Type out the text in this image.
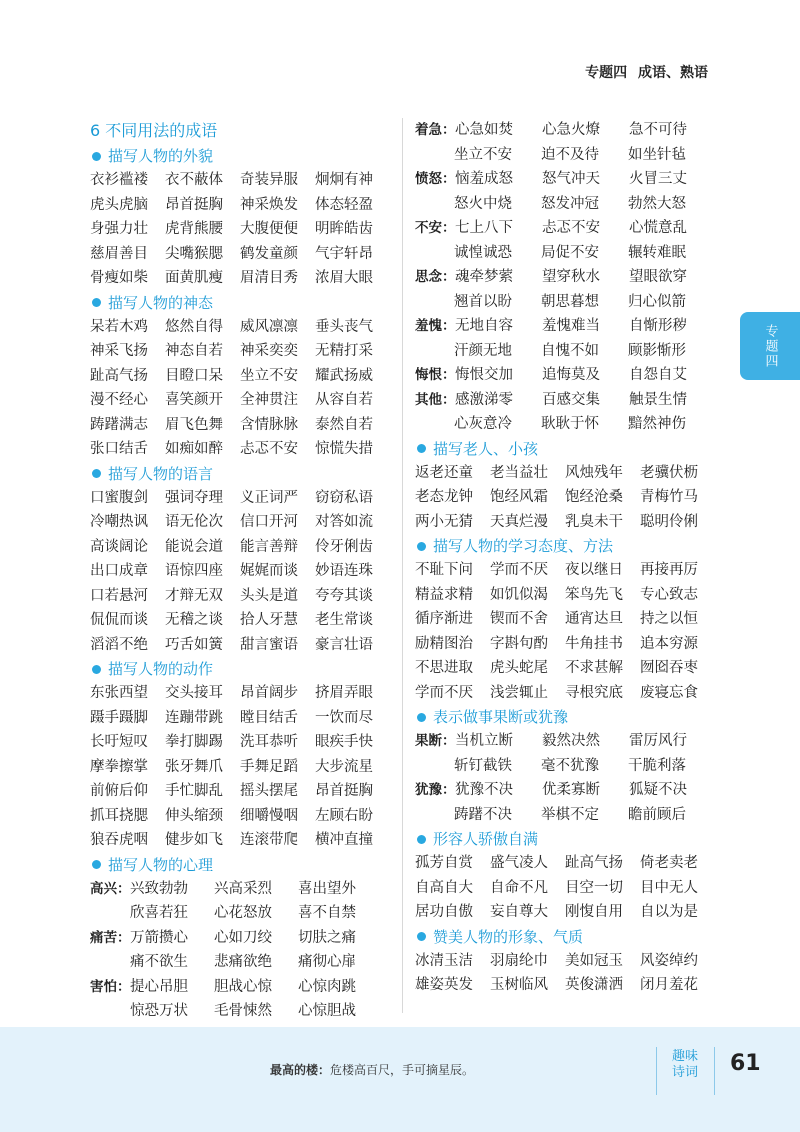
专题四 成语、熟语
6 不同用法的成语
描写人物的外貌
衣衫褴褛	衣不蔽体	奇装异服	炯炯有神
虎头虎脑	昂首挺胸	神采焕发	体态轻盈
身强力壮	虎背熊腰	大腹便便	明眸皓齿
慈眉善目	尖嘴猴腮	鹤发童颜	气宇轩昂
骨瘦如柴	面黄肌瘦	眉清目秀	浓眉大眼
描写人物的神态
呆若木鸡	悠然自得	威风凛凛	垂头丧气
神采飞扬	神态自若	神采奕奕	无精打采
趾高气扬	目瞪口呆	坐立不安	耀武扬威
漫不经心	喜笑颜开	全神贯注	从容自若
踌躇满志	眉飞色舞	含情脉脉	泰然自若
张口结舌	如痴如醉	忐忑不安	惊慌失措
描写人物的语言
口蜜腹剑	强词夺理	义正词严	窃窃私语
冷嘲热讽	语无伦次	信口开河	对答如流
高谈阔论	能说会道	能言善辩	伶牙俐齿
出口成章	语惊四座	娓娓而谈	妙语连珠
口若悬河	才辩无双	头头是道	夸夸其谈
侃侃而谈	无稽之谈	拾人牙慧	老生常谈
滔滔不绝	巧舌如簧	甜言蜜语	豪言壮语
描写人物的动作
东张西望	交头接耳	昂首阔步	挤眉弄眼
蹑手蹑脚	连蹦带跳	瞠目结舌	一饮而尽
长吁短叹	拳打脚踢	洗耳恭听	眼疾手快
摩拳擦掌	张牙舞爪	手舞足蹈	大步流星
前俯后仰	手忙脚乱	摇头摆尾	昂首挺胸
抓耳挠腮	伸头缩颈	细嚼慢咽	左顾右盼
狼吞虎咽	健步如飞	连滚带爬	横冲直撞
描写人物的心理
高兴： 兴致勃勃	兴高采烈	喜出望外
欣喜若狂	心花怒放	喜不自禁
痛苦： 万箭攒心	心如刀绞	切肤之痛
痛不欲生	悲痛欲绝	痛彻心扉
害怕： 提心吊胆	胆战心惊	心惊肉跳
惊恐万状	毛骨悚然	心惊胆战
着急： 心急如焚	心急火燎	急不可待
坐立不安	迫不及待	如坐针毡
愤怒： 恼羞成怒	怒气冲天	火冒三丈
怒火中烧	怒发冲冠	勃然大怒
不安： 七上八下	忐忑不安	心慌意乱
诚惶诚恐	局促不安	辗转难眠
思念： 魂牵梦萦	望穿秋水	望眼欲穿
翘首以盼	朝思暮想	归心似箭
羞愧： 无地自容	羞愧难当	自惭形秽
汗颜无地	自愧不如	顾影惭形
悔恨： 悔恨交加	追悔莫及	自怨自艾
其他： 感激涕零	百感交集	触景生情
心灰意冷	耿耿于怀	黯然神伤
描写老人、小孩
返老还童	老当益壮	风烛残年	老骥伏枥
老态龙钟	饱经风霜	饱经沧桑	青梅竹马
两小无猜	天真烂漫	乳臭未干	聪明伶俐
描写人物的学习态度、方法
不耻下问	学而不厌	夜以继日	再接再厉
精益求精	如饥似渴	笨鸟先飞	专心致志
循序渐进	锲而不舍	通宵达旦	持之以恒
励精图治	字斟句酌	牛角挂书	追本穷源
不思进取	虎头蛇尾	不求甚解	囫囵吞枣
学而不厌	浅尝辄止	寻根究底	废寝忘食
表示做事果断或犹豫
果断： 当机立断	毅然决然	雷厉风行
斩钉截铁	毫不犹豫	干脆利落
犹豫： 犹豫不决	优柔寡断	狐疑不决
踌躇不决	举棋不定	瞻前顾后
形容人骄傲自满
孤芳自赏	盛气凌人	趾高气扬	倚老卖老
自高自大	自命不凡	目空一切	目中无人
居功自傲	妄自尊大	刚愎自用	自以为是
赞美人物的形象、气质
冰清玉洁	羽扇纶巾	美如冠玉	风姿绰约
雄姿英发	玉树临风	英俊潇洒	闭月羞花
专题四
最高的楼：危楼高百尺，手可摘星辰。
趣味诗词 61
